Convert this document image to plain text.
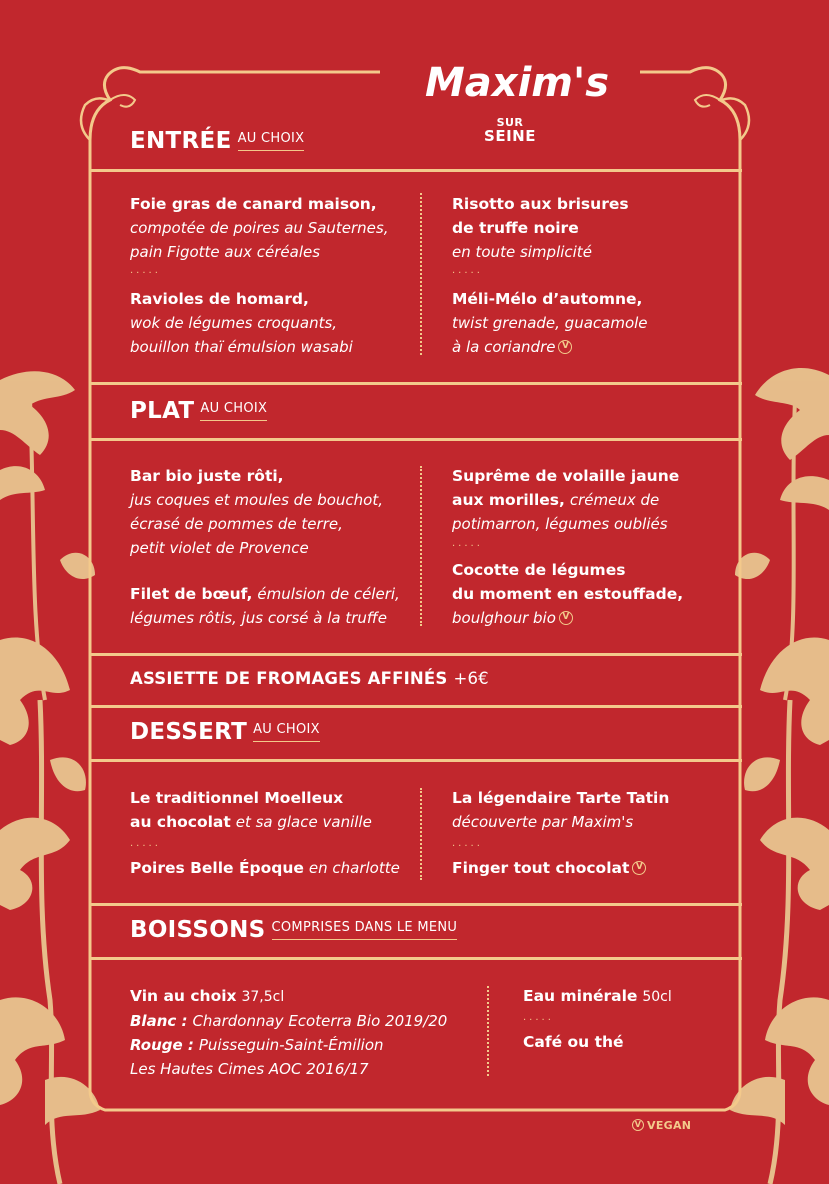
Maxim's
SUR
SEINE
ENTRÉE AU CHOIX
Foie gras de canard maison,
compotée de poires au Sauternes,
pain Figotte aux céréales
.....
Ravioles de homard,
wok de légumes croquants,
bouillon thaï émulsion wasabi
Risotto aux brisures
de truffe noire
en toute simplicité
.....
Méli-Mélo d’automne,
twist grenade, guacamole
à la coriandre V
PLAT AU CHOIX
Bar bio juste rôti,
jus coques et moules de bouchot,
écrasé de pommes de terre,
petit violet de Provence
Filet de bœuf, émulsion de céleri,
légumes rôtis, jus corsé à la truffe
Suprême de volaille jaune
aux morilles, crémeux de
potimarron, légumes oubliés
.....
Cocotte de légumes
du moment en estouffade,
boulghour bio V
ASSIETTE DE FROMAGES AFFINÉS +6€
DESSERT AU CHOIX
Le traditionnel Moelleux
au chocolat et sa glace vanille
.....
Poires Belle Époque en charlotte
La légendaire Tarte Tatin
découverte par Maxim's
.....
Finger tout chocolat V
BOISSONS COMPRISES DANS LE MENU
Vin au choix 37,5cl
Blanc : Chardonnay Ecoterra Bio 2019/20
Rouge : Puisseguin-Saint-Émilion
Les Hautes Cimes AOC 2016/17
Eau minérale 50cl
.....
Café ou thé
V VEGAN
